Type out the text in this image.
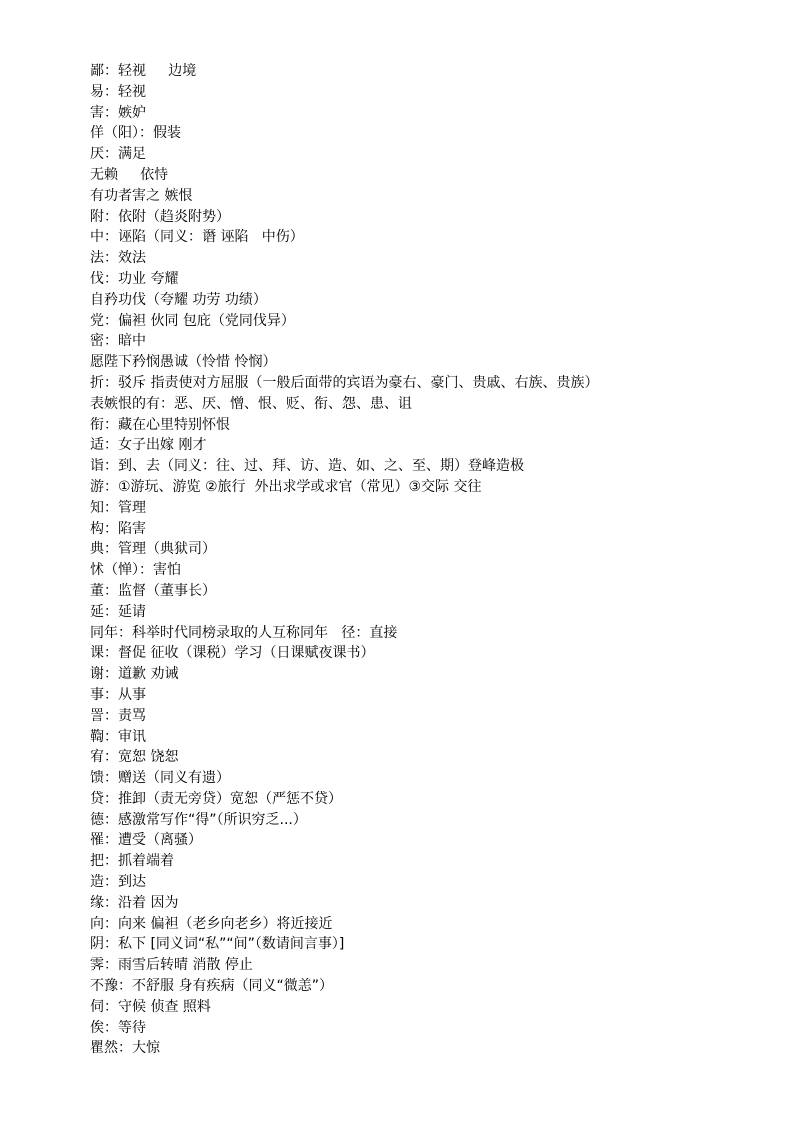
鄙：轻视     边境
易：轻视
害：嫉妒
佯（阳）：假装
厌：满足
无赖     依恃
有功者害之 嫉恨
附：依附（趋炎附势）
中：诬陷（同义：谮 诬陷   中伤）
法：效法
伐：功业 夸耀
自矜功伐（夸耀 功劳 功绩）
党：偏袒 伙同 包庇（党同伐异）
密：暗中
愿陛下矜悯愚诚（怜惜 怜悯）
折：驳斥 指责使对方屈服（一般后面带的宾语为豪右、豪门、贵戚、右族、贵族）
表嫉恨的有：恶、厌、憎、恨、贬、衔、怨、患、诅
衔：藏在心里特别怀恨
适：女子出嫁 刚才
诣：到、去（同义：往、过、拜、访、造、如、之、至、期）登峰造极
游：①游玩、游览 ②旅行  外出求学或求官（常见）③交际 交往
知：管理
构：陷害
典：管理（典狱司）
怵（惮）：害怕
董：监督（董事长）
延：延请
同年：科举时代同榜录取的人互称同年   径：直接
课：督促 征收（课税）学习（日课赋夜课书）
谢：道歉 劝诫
事：从事
詈：责骂
鞫：审讯
宥：宽恕 饶恕
馈：赠送（同义有遗）
贷：推卸（责无旁贷）宽恕（严惩不贷）
德：感激常写作“得”（所识穷乏...）
罹：遭受（离骚）
把：抓着端着
造：到达
缘：沿着 因为
向：向来 偏袒（老乡向老乡）将近接近
阴：私下 [同义词“私”“间”（数请间言事）]
霁：雨雪后转晴 消散 停止
不豫：不舒服 身有疾病（同义“微恙”）
伺：守候 侦查 照料
俟：等待
瞿然：大惊
